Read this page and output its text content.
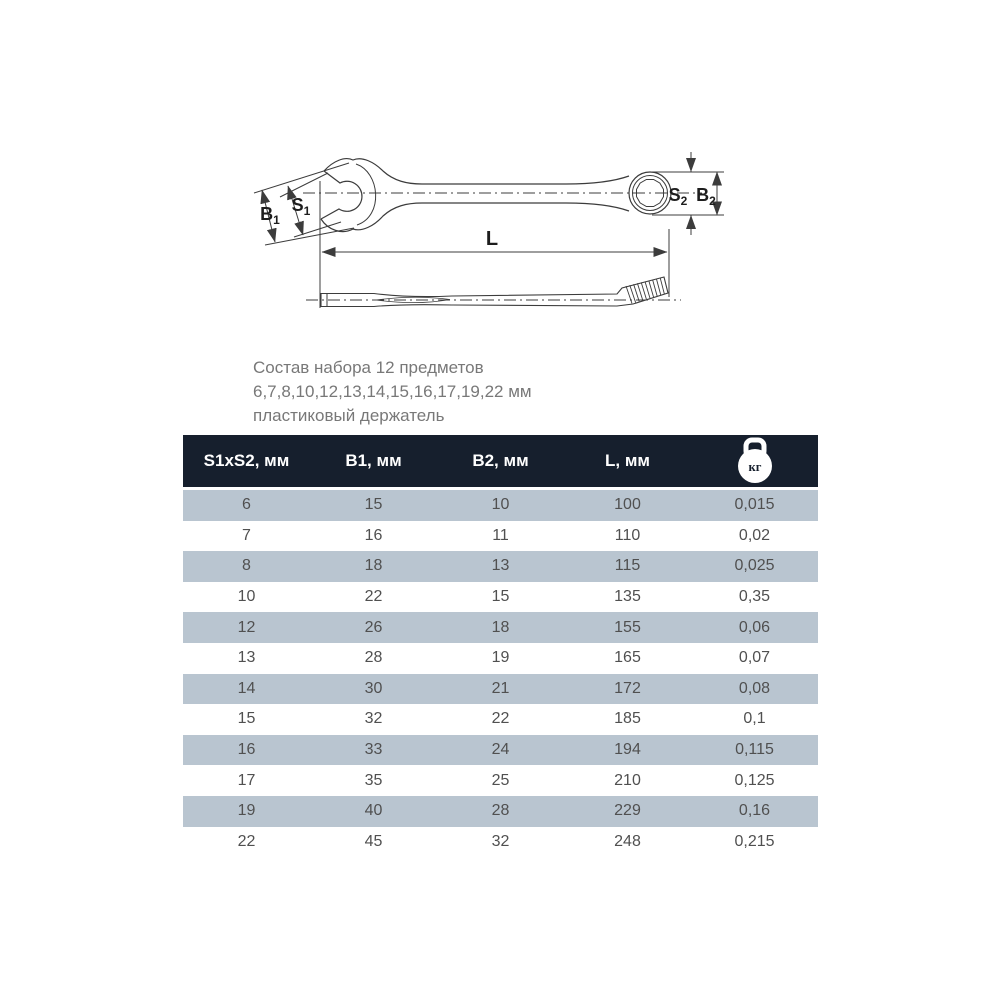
$B_1$
$S_1$
$S_2$ $B_2$
L
Состав набора 12 предметов
6,7,8,10,12,13,14,15,16,17,19,22 мм
пластиковый держатель
S1xS2, мм	B1, мм	B2, мм	L, мм	кг
6	15	10	100	0,015
7	16	11	110	0,02
8	18	13	115	0,025
10	22	15	135	0,35
12	26	18	155	0,06
13	28	19	165	0,07
14	30	21	172	0,08
15	32	22	185	0,1
16	33	24	194	0,115
17	35	25	210	0,125
19	40	28	229	0,16
22	45	32	248	0,215
